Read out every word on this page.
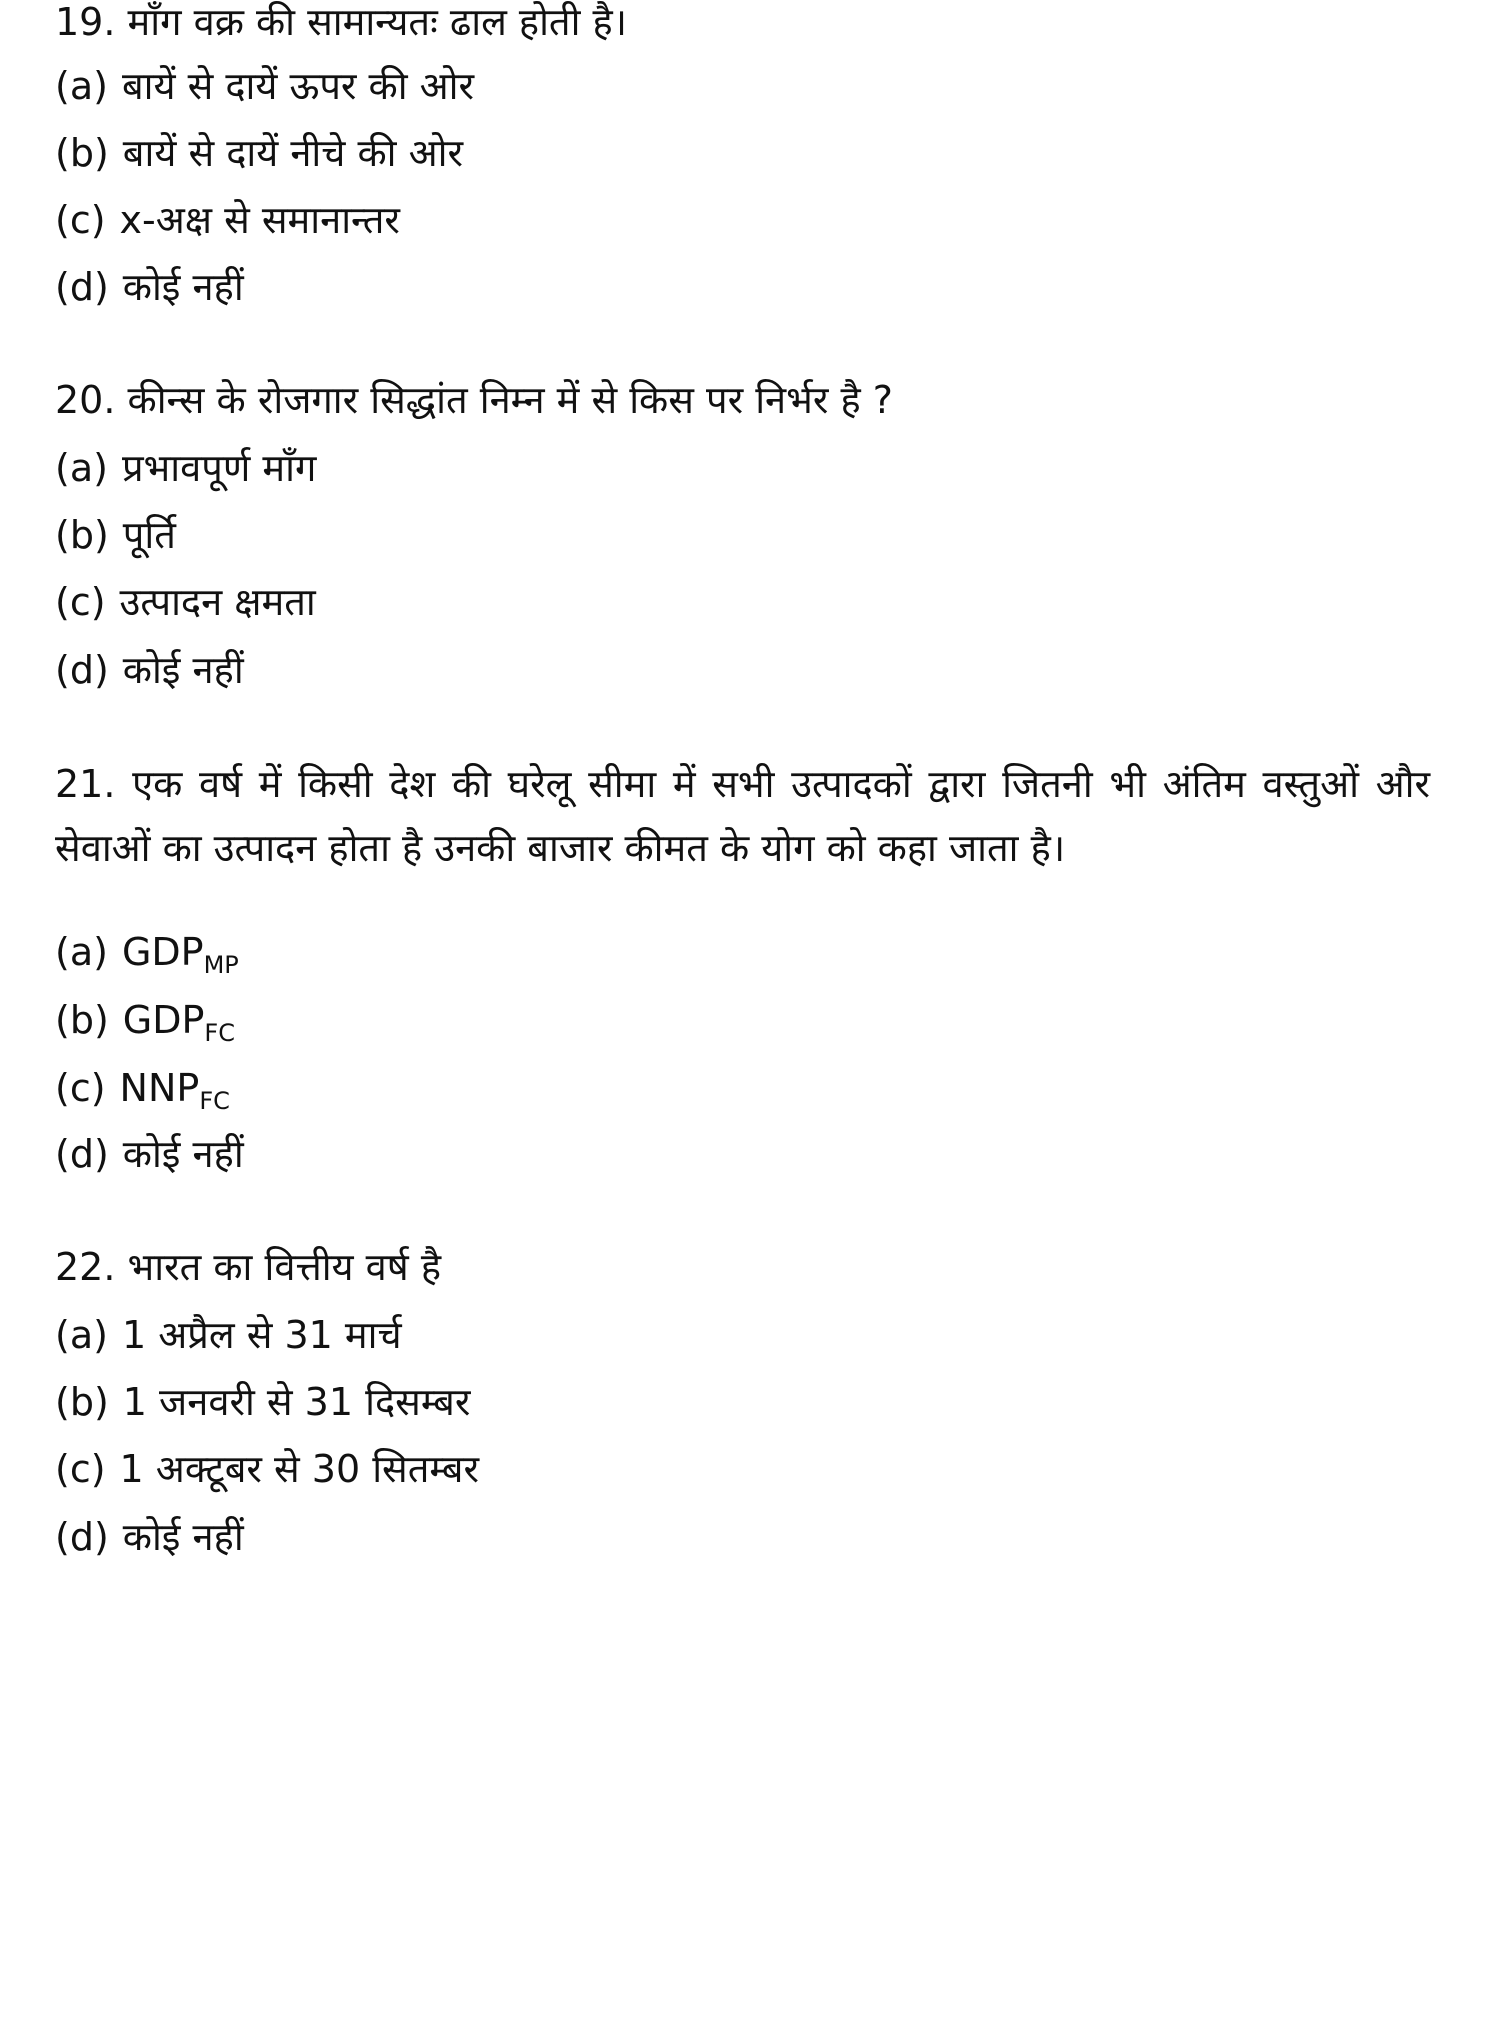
19. माँग वक्र की सामान्यतः ढाल होती है।
(a) बायें से दायें ऊपर की ओर
(b) बायें से दायें नीचे की ओर
(c) x-अक्ष से समानान्तर
(d) कोई नहीं
20. कीन्स के रोजगार सिद्धांत निम्न में से किस पर निर्भर है ?
(a) प्रभावपूर्ण माँग
(b) पूर्ति
(c) उत्पादन क्षमता
(d) कोई नहीं
21. एक वर्ष में किसी देश की घरेलू सीमा में सभी उत्पादकों द्वारा जितनी भी अंतिम वस्तुओं और सेवाओं का उत्पादन होता है उनकी बाजार कीमत के योग को कहा जाता है।
(a) $GDP_{MP}$
(b) $GDP_{FC}$
(c) $NNP_{FC}$
(d) कोई नहीं
22. भारत का वित्तीय वर्ष है
(a) 1 अप्रैल से 31 मार्च
(b) 1 जनवरी से 31 दिसम्बर
(c) 1 अक्टूबर से 30 सितम्बर
(d) कोई नहीं
